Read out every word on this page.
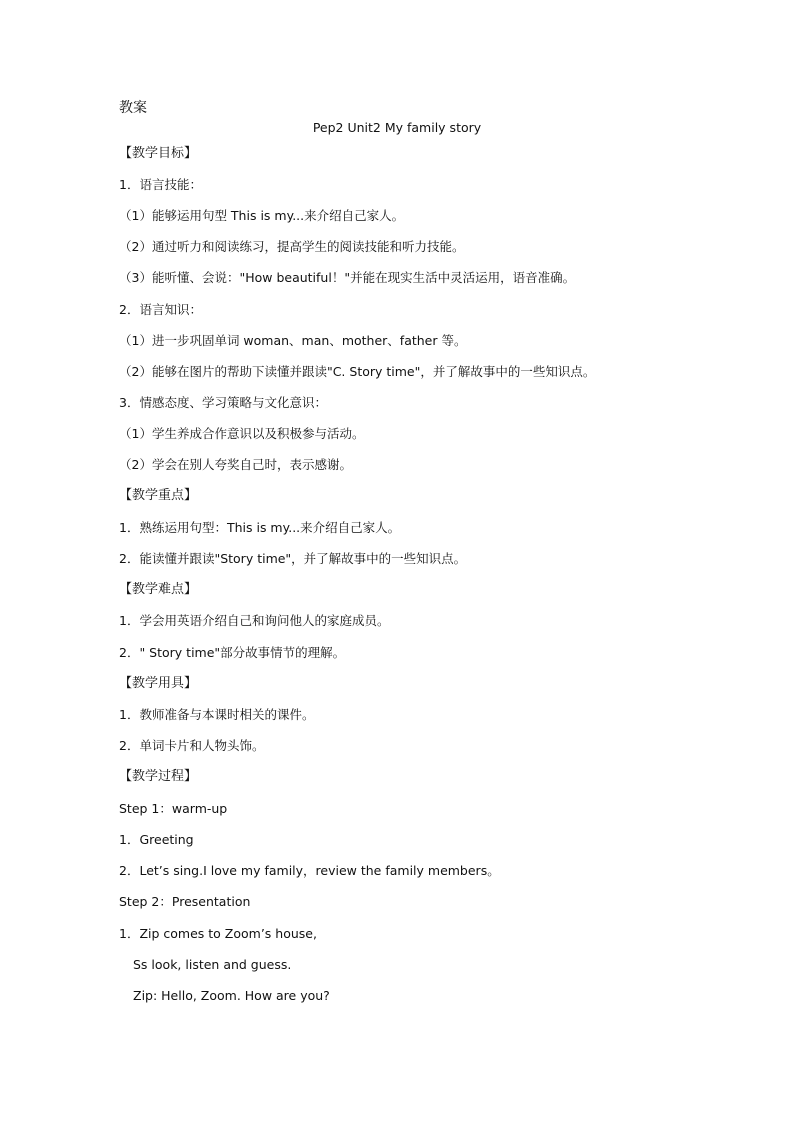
教案
Pep2 Unit2 My family story
【教学目标】
1．语言技能：
（1）能够运用句型 This is my...来介绍自己家人。
（2）通过听力和阅读练习，提高学生的阅读技能和听力技能。
（3）能听懂、会说："How beautiful！"并能在现实生活中灵活运用，语音准确。
2．语言知识：
（1）进一步巩固单词 woman、man、mother、father 等。
（2）能够在图片的帮助下读懂并跟读"C. Story time"，并了解故事中的一些知识点。
3．情感态度、学习策略与文化意识：
（1）学生养成合作意识以及积极参与活动。
（2）学会在别人夸奖自己时，表示感谢。
【教学重点】
1．熟练运用句型：This is my...来介绍自己家人。
2．能读懂并跟读"Story time"，并了解故事中的一些知识点。
【教学难点】
1．学会用英语介绍自己和询问他人的家庭成员。
2．" Story time"部分故事情节的理解。
【教学用具】
1．教师准备与本课时相关的课件。
2．单词卡片和人物头饰。
【教学过程】
Step 1：warm-up
1．Greeting
2．Let’s sing.I love my family，review the family members。
Step 2：Presentation
1．Zip comes to Zoom’s house,
Ss look, listen and guess.
Zip: Hello, Zoom. How are you?
